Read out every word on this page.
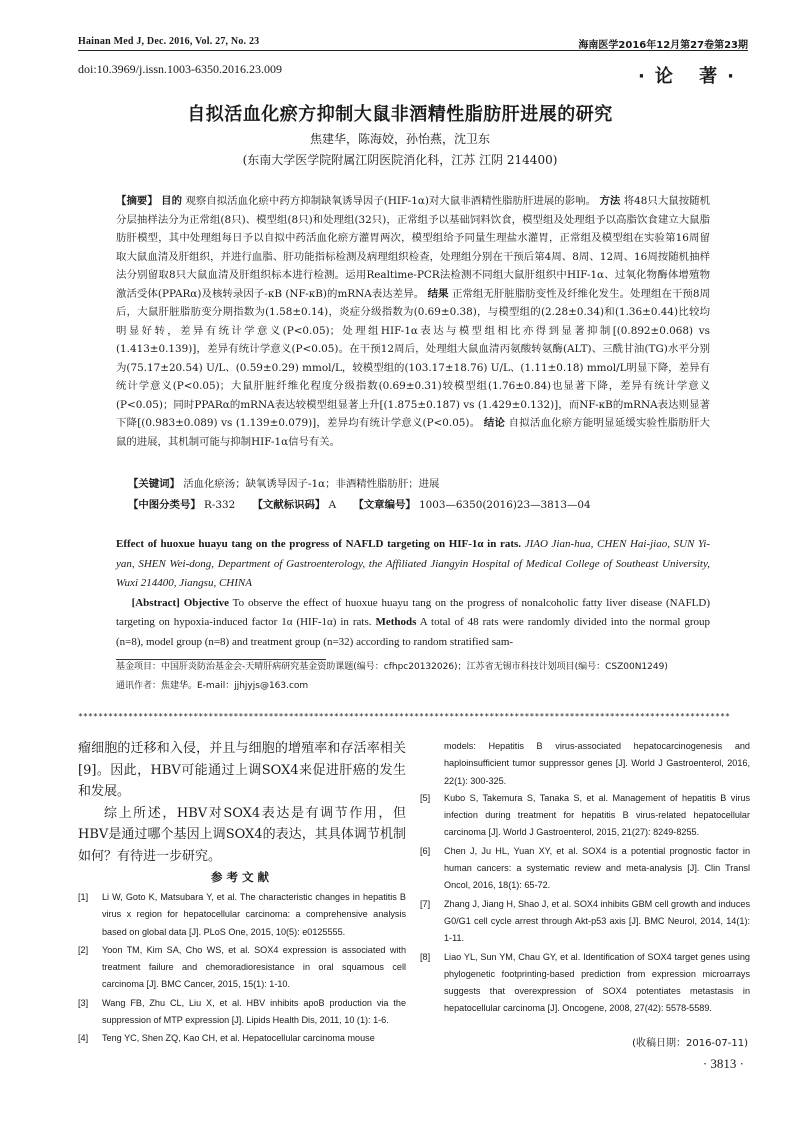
Hainan Med J, Dec. 2016, Vol. 27, No. 23	海南医学2016年12月第27卷第23期
doi:10.3969/j.issn.1003-6350.2016.23.009	·论 著·
自拟活血化瘀方抑制大鼠非酒精性脂肪肝进展的研究
焦建华，陈海姣，孙怡燕，沈卫东
(东南大学医学院附属江阴医院消化科，江苏 江阴 214400)
【摘要】 目的 观察自拟活血化瘀中药方抑制缺氧诱导因子(HIF-1α)对大鼠非酒精性脂肪肝进展的影响。 方法 将48只大鼠按随机分层抽样法分为正常组(8只)、模型组(8只)和处理组(32只)，正常组予以基础饲料饮食，模型组及处理组予以高脂饮食建立大鼠脂肪肝模型，其中处理组每日予以自拟中药活血化瘀方灌胃两次，模型组给予同量生理盐水灌胃，正常组及模型组在实验第16周留取大鼠血清及肝组织，并进行血脂、肝功能指标检测及病理组织检查，处理组分别在干预后第4周、8周、12周、16周按随机抽样法分别留取8只大鼠血清及肝组织标本进行检测。运用Realtime-PCR法检测不同组大鼠肝组织中HIF-1α、过氧化物酶体增殖物激活受体(PPARα)及核转录因子-κB (NF-κB)的mRNA表达差异。 结果 正常组无肝脏脂肪变性及纤维化发生。处理组在干预8周后，大鼠肝脏脂肪变分期指数为(1.58±0.14)，炎症分级指数为(0.69±0.38)，与模型组的(2.28±0.34)和(1.36±0.44)比较均明显好转，差异有统计学意义(P<0.05)；处理组HIF-1α表达与模型组相比亦得到显著抑制[(0.892±0.068) vs (1.413±0.139)]，差异有统计学意义(P<0.05)。在干预12周后，处理组大鼠血清丙氨酸转氨酶(ALT)、三酰甘油(TG)水平分别为(75.17±20.54) U/L、(0.59±0.29) mmol/L，较模型组的(103.17±18.76) U/L、(1.11±0.18) mmol/L明显下降，差异有统计学意义(P<0.05)；大鼠肝脏纤维化程度分级指数(0.69±0.31)较模型组(1.76±0.84)也显著下降，差异有统计学意义(P<0.05)；同时PPARα的mRNA表达较模型组显著上升[(1.875±0.187) vs (1.429±0.132)]，而NF-κB的mRNA表达则显著下降[(0.983±0.089) vs (1.139±0.079)]，差异均有统计学意义(P<0.05)。 结论 自拟活血化瘀方能明显延缓实验性脂肪肝大鼠的进展，其机制可能与抑制HIF-1α信号有关。
【关键词】 活血化瘀汤；缺氧诱导因子-1α；非酒精性脂肪肝；进展
【中图分类号】 R-332 【文献标识码】 A 【文章编号】 1003—6350(2016)23—3813—04
Effect of huoxue huayu tang on the progress of NAFLD targeting on HIF-1α in rats. JIAO Jian-hua, CHEN Hai-jiao, SUN Yi-yan, SHEN Wei-dong, Department of Gastroenterology, the Affiliated Jiangyin Hospital of Medical College of Southeast University, Wuxi 214400, Jiangsu, CHINA
[Abstract] Objective To observe the effect of huoxue huayu tang on the progress of nonalcoholic fatty liver disease (NAFLD) targeting on hypoxia-induced factor 1α (HIF-1α) in rats. Methods A total of 48 rats were randomly divided into the normal group (n=8), model group (n=8) and treatment group (n=32) according to random stratified sam-
基金项目：中国肝炎防治基金会-天晴肝病研究基金资助课题(编号：cfhpc20132026)；江苏省无锡市科技计划项目(编号：CSZ00N1249)
通讯作者：焦建华。E-mail：jjhjyjs@163.com
**********************************************************************************************************************************

瘤细胞的迁移和入侵，并且与细胞的增殖率和存活率相关[9]。因此，HBV可能通过上调SOX4来促进肝癌的发生和发展。

综上所述，HBV对SOX4表达是有调节作用，但HBV是通过哪个基因上调SOX4的表达，其具体调节机制如何？有待进一步研究。

参考文献
[1] Li W, Goto K, Matsubara Y, et al. The characteristic changes in hepatitis B virus x region for hepatocellular carcinoma: a comprehensive analysis based on global data [J]. PLoS One, 2015, 10(5): e0125555.
[2] Yoon TM, Kim SA, Cho WS, et al. SOX4 expression is associated with treatment failure and chemoradioresistance in oral squamous cell carcinoma [J]. BMC Cancer, 2015, 15(1): 1-10.
[3] Wang FB, Zhu CL, Liu X, et al. HBV inhibits apoB production via the suppression of MTP expression [J]. Lipids Health Dis, 2011, 10 (1): 1-6.
[4] Teng YC, Shen ZQ, Kao CH, et al. Hepatocellular carcinoma mouse
models: Hepatitis B virus-associated hepatocarcinogenesis and haploinsufficient tumor suppressor genes [J]. World J Gastroenterol, 2016, 22(1): 300-325.
[5] Kubo S, Takemura S, Tanaka S, et al. Management of hepatitis B virus infection during treatment for hepatitis B virus-related hepatocellular carcinoma [J]. World J Gastroenterol, 2015, 21(27): 8249-8255.
[6] Chen J, Ju HL, Yuan XY, et al. SOX4 is a potential prognostic factor in human cancers: a systematic review and meta-analysis [J]. Clin Transl Oncol, 2016, 18(1): 65-72.
[7] Zhang J, Jiang H, Shao J, et al. SOX4 inhibits GBM cell growth and induces G0/G1 cell cycle arrest through Akt-p53 axis [J]. BMC Neurol, 2014, 14(1): 1-11.
[8] Liao YL, Sun YM, Chau GY, et al. Identification of SOX4 target genes using phylogenetic footprinting-based prediction from expression microarrays suggests that overexpression of SOX4 potentiates metastasis in hepatocellular carcinoma [J]. Oncogene, 2008, 27(42): 5578-5589.
(收稿日期：2016-07-11)
· 3813 ·
